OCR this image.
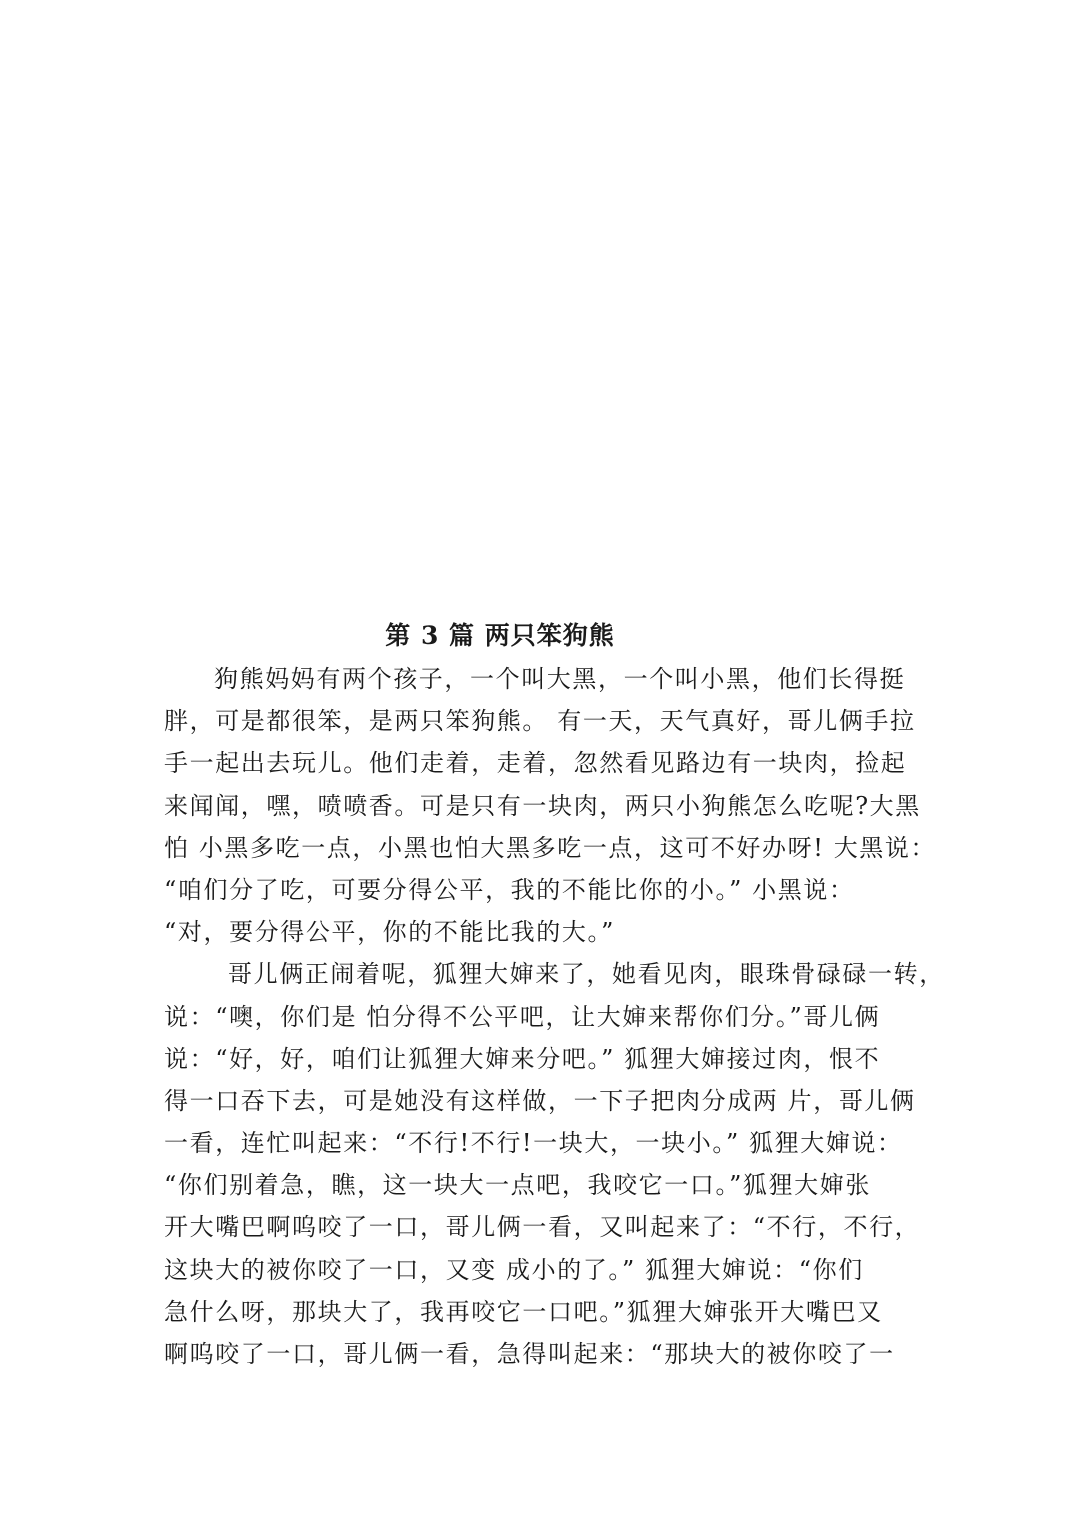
第 3 篇 两只笨狗熊
狗熊妈妈有两个孩子，一个叫大黑，一个叫小黑，他们长得挺
胖，可是都很笨，是两只笨狗熊。 有一天，天气真好，哥儿俩手拉
手一起出去玩儿。他们走着，走着，忽然看见路边有一块肉，捡起
来闻闻，嘿，喷喷香。可是只有一块肉，两只小狗熊怎么吃呢?大黑
怕 小黑多吃一点，小黑也怕大黑多吃一点，这可不好办呀! 大黑说：
“咱们分了吃，可要分得公平，我的不能比你的小。” 小黑说：
“对，要分得公平，你的不能比我的大。”
哥儿俩正闹着呢，狐狸大婶来了，她看见肉，眼珠骨碌碌一转，
说：“噢，你们是 怕分得不公平吧，让大婶来帮你们分。”哥儿俩
说：“好，好，咱们让狐狸大婶来分吧。” 狐狸大婶接过肉，恨不
得一口吞下去，可是她没有这样做，一下子把肉分成两 片，哥儿俩
一看，连忙叫起来：“不行!不行!一块大，一块小。” 狐狸大婶说：
“你们别着急，瞧，这一块大一点吧，我咬它一口。”狐狸大婶张
开大嘴巴啊呜咬了一口，哥儿俩一看，又叫起来了：“不行，不行，
这块大的被你咬了一口，又变 成小的了。” 狐狸大婶说：“你们
急什么呀，那块大了，我再咬它一口吧。”狐狸大婶张开大嘴巴又
啊呜咬了一口，哥儿俩一看，急得叫起来：“那块大的被你咬了一
